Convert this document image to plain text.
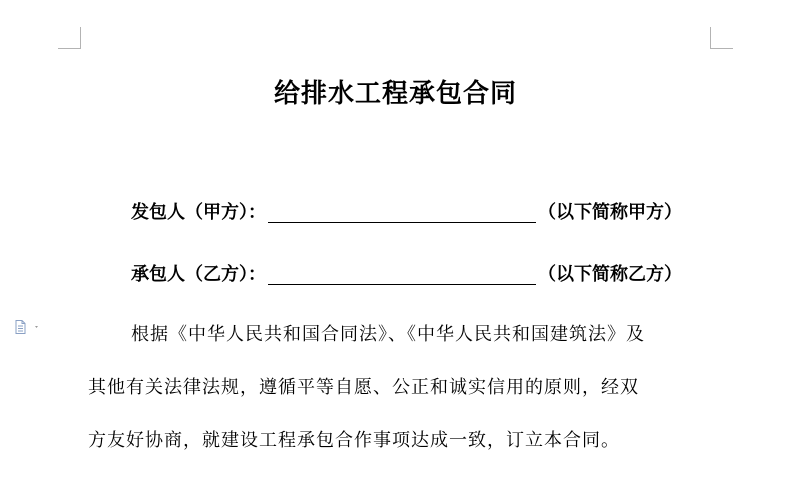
给排水工程承包合同
发包人（甲方）：	（以下简称甲方）
承包人（乙方）：	（以下简称乙方）
根据《中华人民共和国合同法》、《中华人民共和国建筑法》及
其他有关法律法规，遵循平等自愿、公正和诚实信用的原则，经双
方友好协商，就建设工程承包合作事项达成一致，订立本合同。
